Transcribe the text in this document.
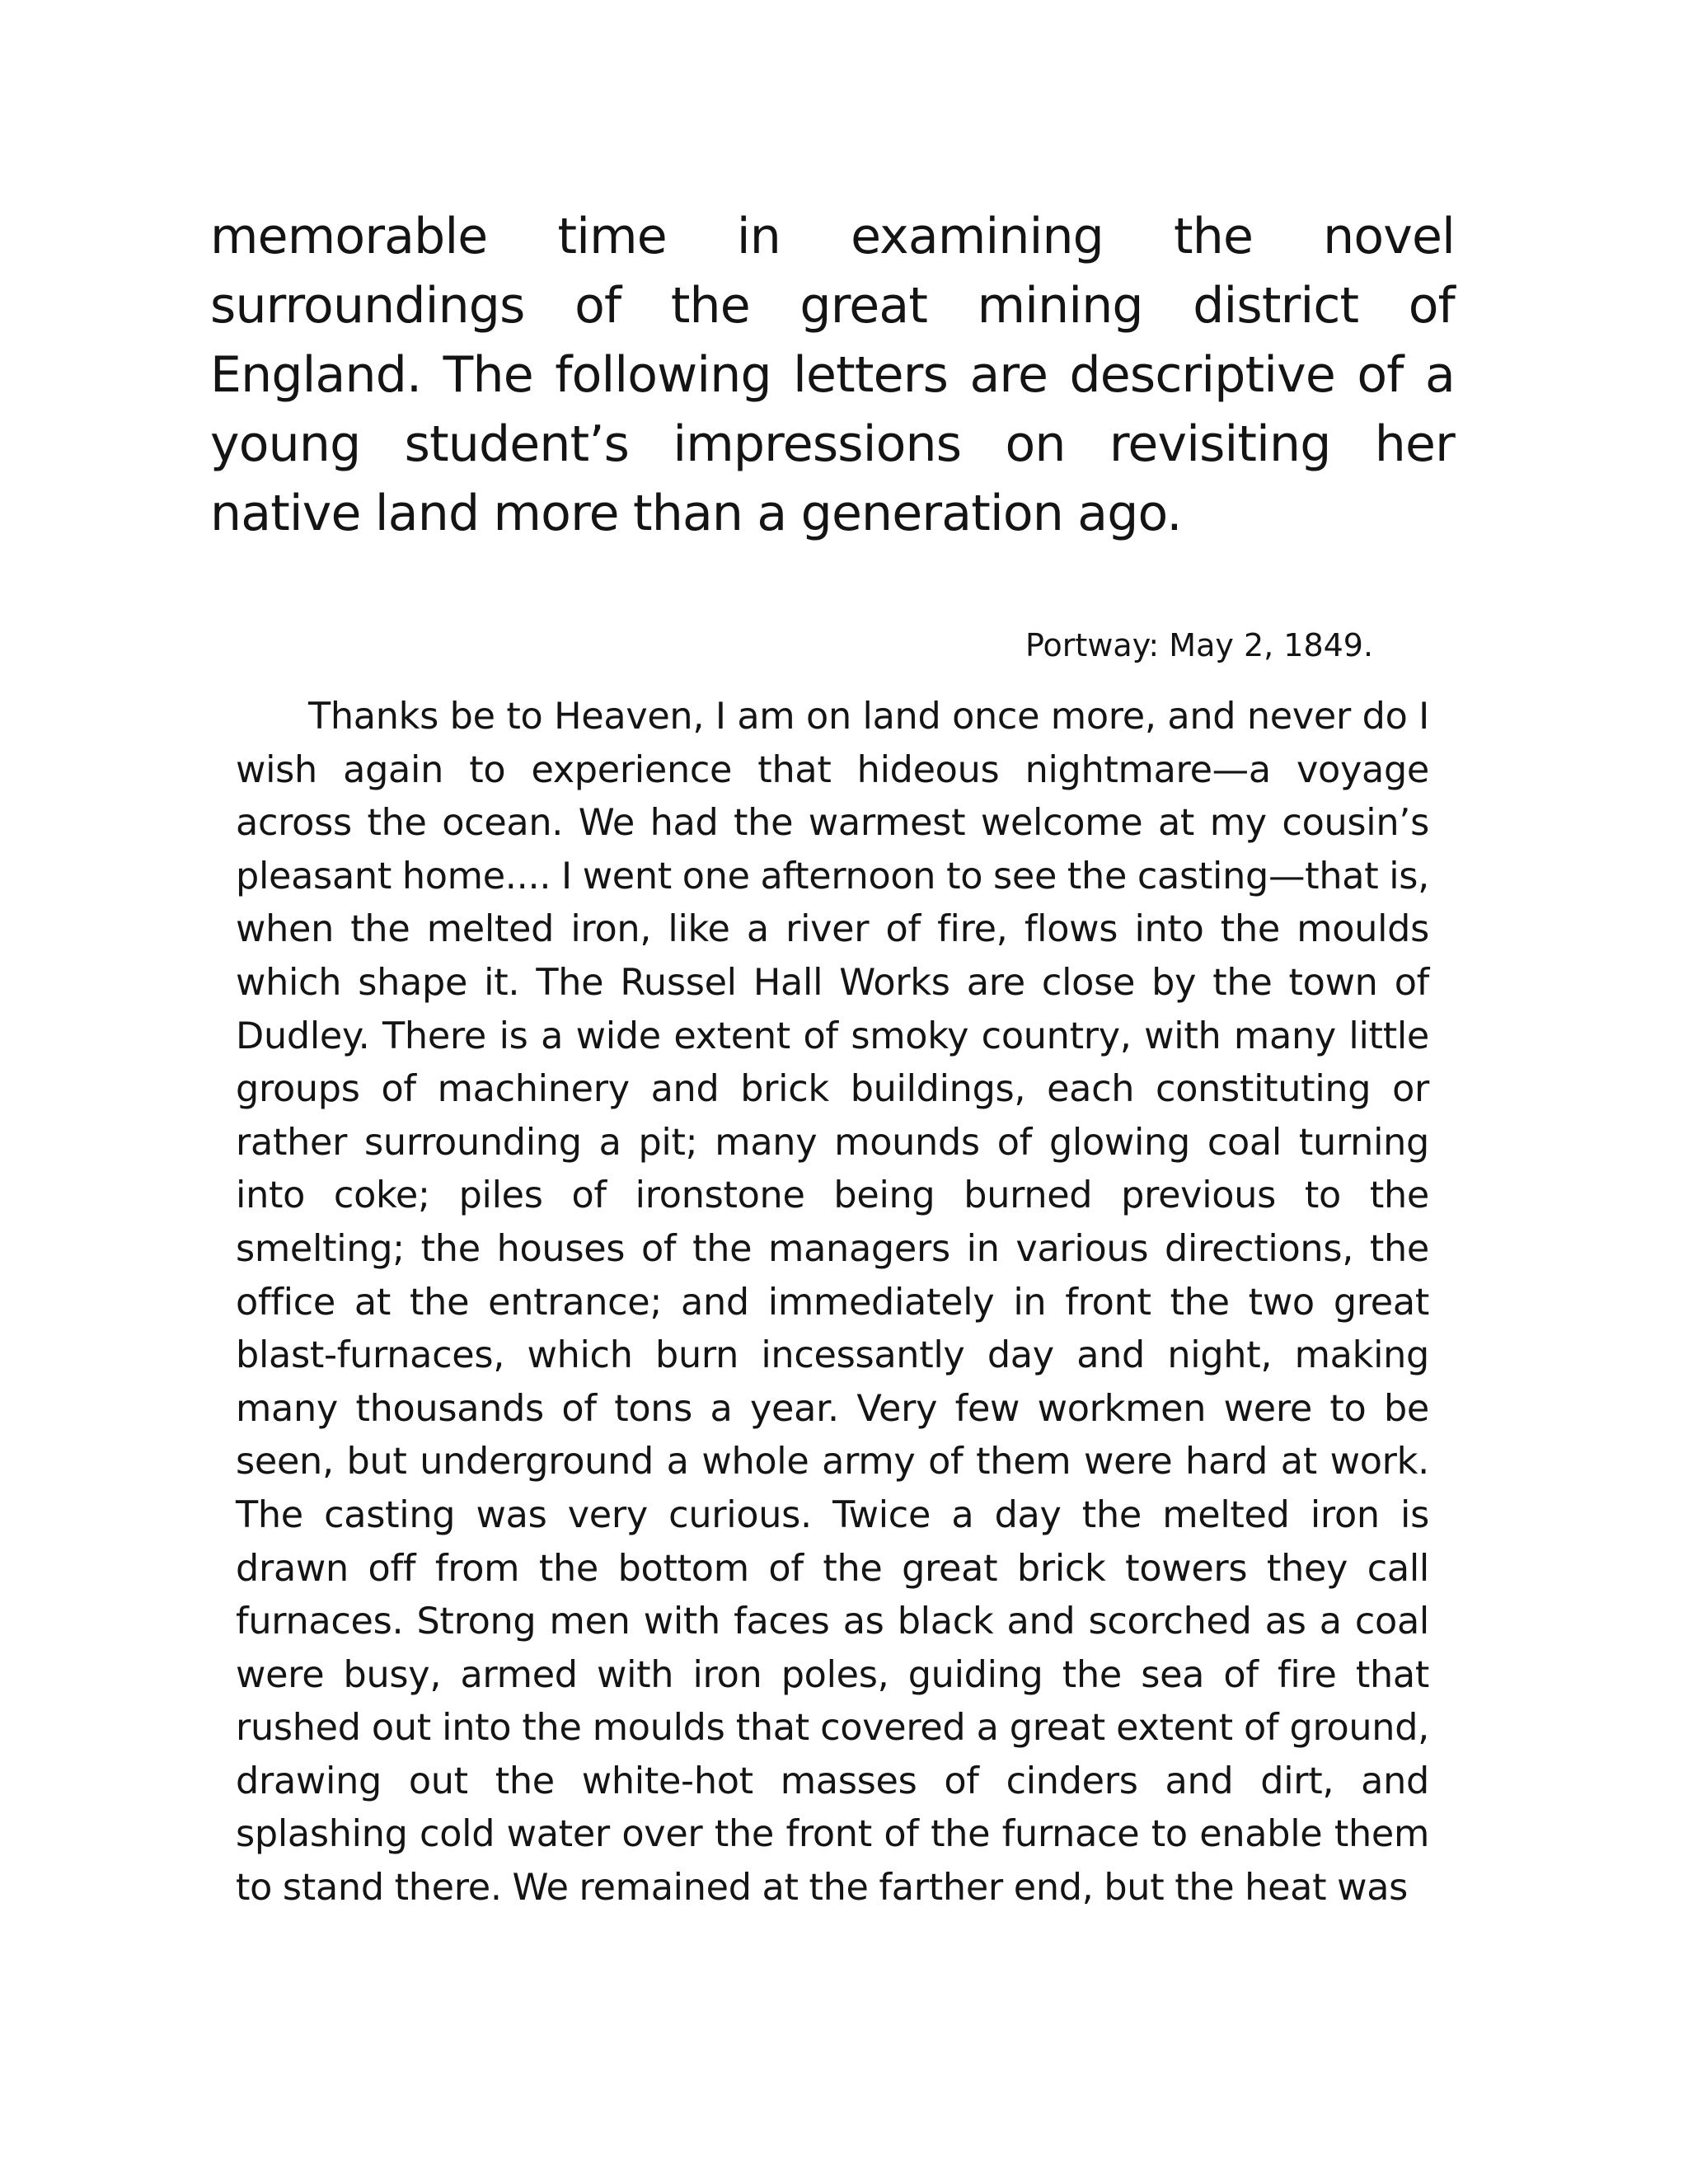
memorable time in examining the novel surroundings of the great mining district of England. The following letters are descriptive of a young student’s impressions on revisiting her native land more than a generation ago.

Portway: May 2, 1849.

Thanks be to Heaven, I am on land once more, and never do I wish again to experience that hideous nightmare—a voyage across the ocean. We had the warmest welcome at my cousin’s pleasant home.... I went one afternoon to see the casting—that is, when the melted iron, like a river of fire, flows into the moulds which shape it. The Russel Hall Works are close by the town of Dudley. There is a wide extent of smoky country, with many little groups of machinery and brick buildings, each constituting or rather surrounding a pit; many mounds of glowing coal turning into coke; piles of ironstone being burned previous to the smelting; the houses of the managers in various directions, the office at the entrance; and immediately in front the two great blast-furnaces, which burn incessantly day and night, making many thousands of tons a year. Very few workmen were to be seen, but underground a whole army of them were hard at work. The casting was very curious. Twice a day the melted iron is drawn off from the bottom of the great brick towers they call furnaces. Strong men with faces as black and scorched as a coal were busy, armed with iron poles, guiding the sea of fire that rushed out into the moulds that covered a great extent of ground, drawing out the white-hot masses of cinders and dirt, and splashing cold water over the front of the furnace to enable them to stand there. We remained at the farther end, but the heat was
